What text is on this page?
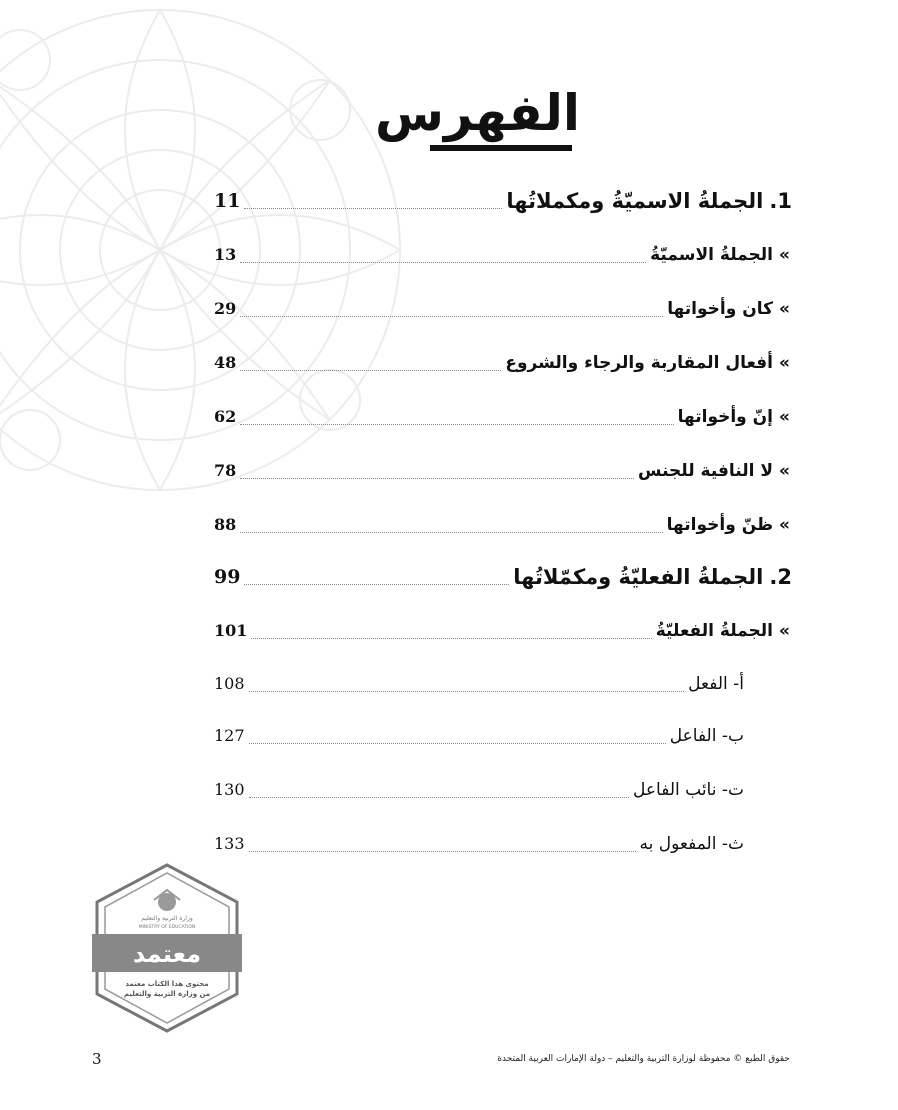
الفهرس
1.الجملةُ الاسميّةُ ومكملاتُها
11
»الجملةُ الاسميّةُ
13
»كان وأخواتها
29
»أفعال المقاربة والرجاء والشروع
48
»إنّ وأخواتها
62
»لا النافية للجنس
78
»ظنّ وأخواتها
88
2.الجملةُ الفعليّةُ ومكمّلاتُها
99
»الجملةُ الفعليّةُ
101
أ- الفعل
108
ب- الفاعل
127
ت- نائب الفاعل
130
ث- المفعول به
133
وزارة التربية والتعليم
MINISTRY OF EDUCATION
معتمد
محتوى هذا الكتاب معتمد
من وزارة التربية والتعليم
3	حقوق الطبع © محفوظة لوزارة التربية والتعليم – دولة الإمارات العربية المتحدة
